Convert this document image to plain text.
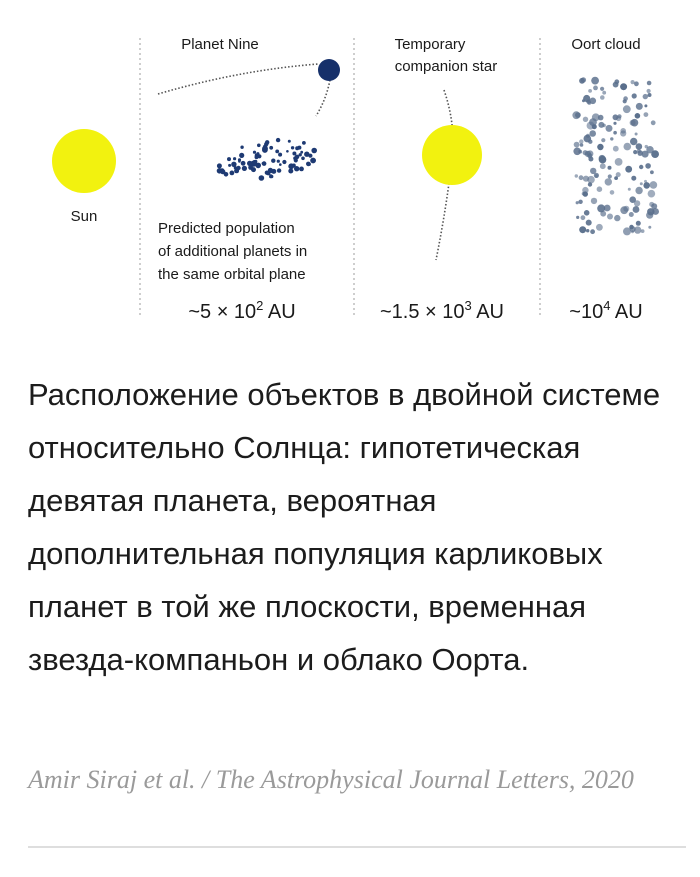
Sun
Planet Nine
Predicted population
of additional planets in
the same orbital plane
Temporary
companion star
Oort cloud
~5 × $10^2$ AU	~1.5 × $10^3$ AU	$\sim 10^4$ AU
Расположение объектов в двойной системе относительно Солнца: гипотетическая девятая планета, вероятная дополнительная популяция карликовых планет в той же плоскости, временная звезда-компаньон и облако Оорта.
Amir Siraj et al. / The Astrophysical Journal Letters, 2020
